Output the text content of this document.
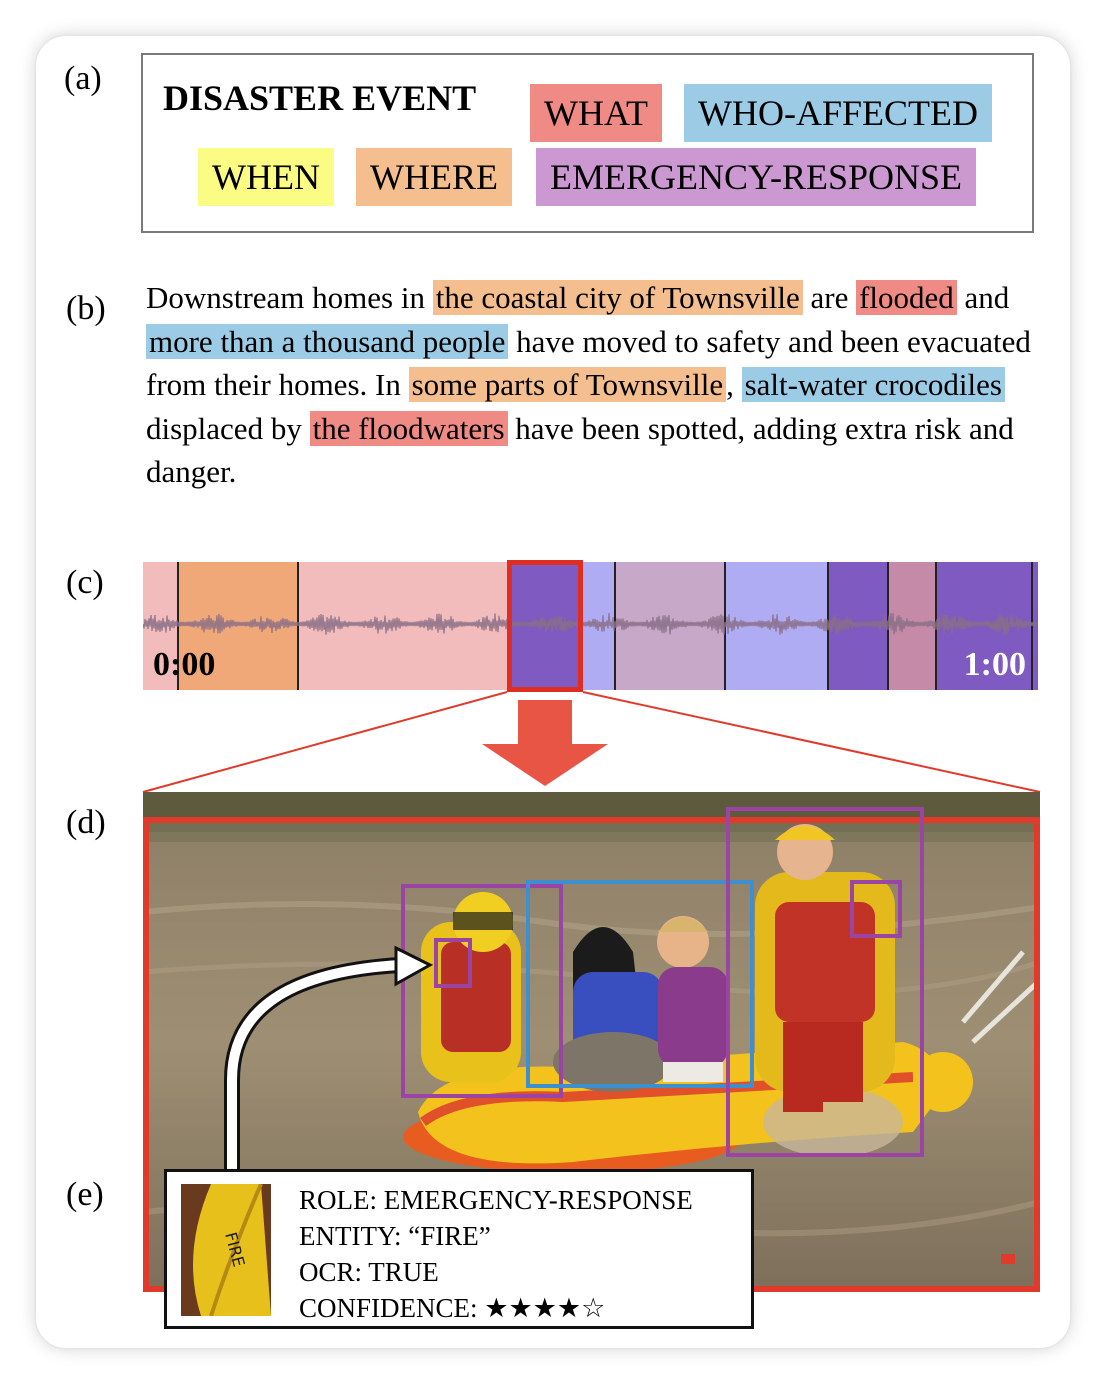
(a) DISASTER EVENT	WHAT	WHO-AFFECTED
WHEN	WHERE	EMERGENCY-RESPONSE
(b) Downstream homes in the coastal city of Townsville are flooded and more than a thousand people have moved to safety and been evacuated from their homes. In some parts of Townsville, salt-water crocodiles displaced by the floodwaters have been spotted, adding extra risk and danger.
(c)
0:00	1:00
(d)
(e)
FIRE
ROLE: EMERGENCY-RESPONSE
ENTITY: “FIRE”
OCR: TRUE
CONFIDENCE: ★★★★☆
